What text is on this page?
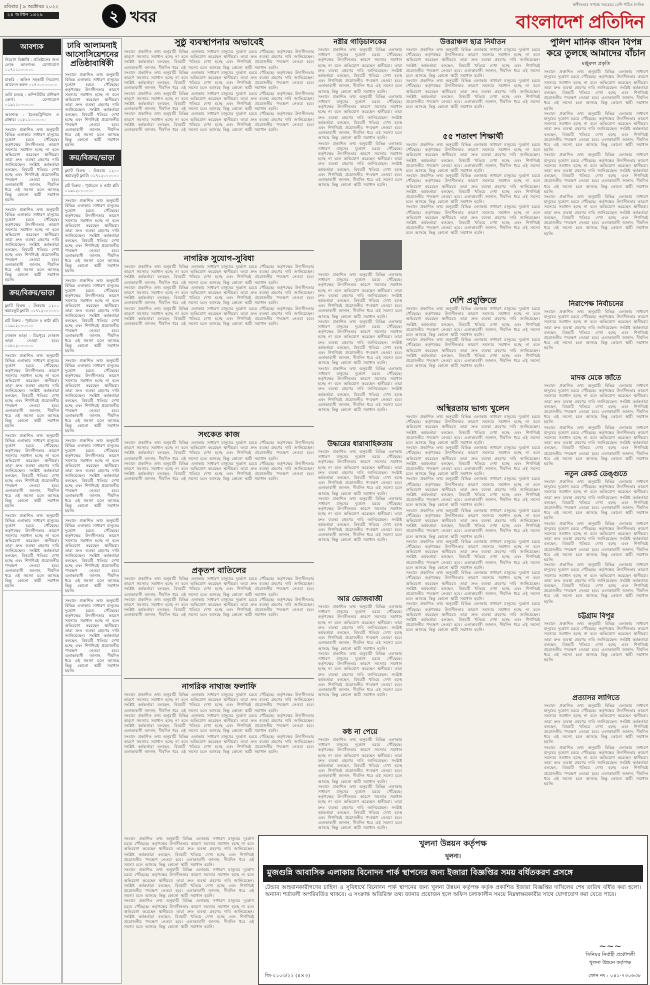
রবিবার | ৯ অক্টোবর ২০২২
২৪ আশ্বিন ১৪২৯	২ খবর
স্বাধীনতার সপক্ষে সবচেয়ে বেশি পঠিত দৈনিক
বাংলাদেশ প্রতিদিন
আবশ্যক
নিয়োগ বিজ্ঞপ্তি : প্রতিষ্ঠানের জন্য লোক আবশ্যক। যোগাযোগ ০১৭১১০০০০০০
চাকরি : অফিস সহকারী নিয়োগ। আবেদন করুন ০১৭০০০০০০০০
ভর্তি চলছে : কম্পিউটার প্রশিক্ষণ কোর্স। যোগাযোগ ০১৯১১০০০০০০
আবশ্যক : ইলেকট্রিশিয়ান ও প্লাম্বার। ০১৮১১০০০০০০
সংবাদে প্রকাশিত তথ্য অনুযায়ী বিভিন্ন এলাকায় সাধারণ মানুষের দুর্ভোগ চরমে পৌঁছেছে। কর্তৃপক্ষের উদাসীনতার কারণে সমস্যার সমাধান হচ্ছে না বলে অভিযোগ করেছেন স্থানীয়রা। তারা দ্রুত ব্যবস্থা গ্রহণের দাবি জানিয়েছেন। সংশ্লিষ্ট কর্মকর্তারা বলছেন, বিষয়টি খতিয়ে দেখা হচ্ছে এবং শিগগিরই প্রয়োজনীয় পদক্ষেপ নেওয়া হবে। এলাকাবাসী জানান, দীর্ঘদিন ধরে এই সমস্যা চলে আসছে কিন্তু কোনো স্থায়ী সমাধান হয়নি।
সংবাদে প্রকাশিত তথ্য অনুযায়ী বিভিন্ন এলাকায় সাধারণ মানুষের দুর্ভোগ চরমে পৌঁছেছে। কর্তৃপক্ষের উদাসীনতার কারণে সমস্যার সমাধান হচ্ছে না বলে অভিযোগ করেছেন স্থানীয়রা। তারা দ্রুত ব্যবস্থা গ্রহণের দাবি জানিয়েছেন। সংশ্লিষ্ট কর্মকর্তারা বলছেন, বিষয়টি খতিয়ে দেখা হচ্ছে এবং শিগগিরই প্রয়োজনীয় পদক্ষেপ নেওয়া হবে। এলাকাবাসী জানান, দীর্ঘদিন ধরে এই সমস্যা চলে আসছে কিন্তু কোনো স্থায়ী সমাধান হয়নি।
ক্রয়/বিক্রয়/ভাড়া
ফ্ল্যাট বিক্রয় : উত্তরায় ১২০০ স্কয়ারফুট ফ্ল্যাট। ০১৭১২০০০০০০
প্লট বিক্রয় : পূর্বাচলে ৫ কাঠা প্লট। ০১৯১২০০০০০০
দোকান ভাড়া : মিরপুরে দোকান ভাড়া দেওয়া হবে। ০১৮১২০০০০০০
সংবাদে প্রকাশিত তথ্য অনুযায়ী বিভিন্ন এলাকায় সাধারণ মানুষের দুর্ভোগ চরমে পৌঁছেছে। কর্তৃপক্ষের উদাসীনতার কারণে সমস্যার সমাধান হচ্ছে না বলে অভিযোগ করেছেন স্থানীয়রা। তারা দ্রুত ব্যবস্থা গ্রহণের দাবি জানিয়েছেন। সংশ্লিষ্ট কর্মকর্তারা বলছেন, বিষয়টি খতিয়ে দেখা হচ্ছে এবং শিগগিরই প্রয়োজনীয় পদক্ষেপ নেওয়া হবে। এলাকাবাসী জানান, দীর্ঘদিন ধরে এই সমস্যা চলে আসছে কিন্তু কোনো স্থায়ী সমাধান হয়নি।
সংবাদে প্রকাশিত তথ্য অনুযায়ী বিভিন্ন এলাকায় সাধারণ মানুষের দুর্ভোগ চরমে পৌঁছেছে। কর্তৃপক্ষের উদাসীনতার কারণে সমস্যার সমাধান হচ্ছে না বলে অভিযোগ করেছেন স্থানীয়রা। তারা দ্রুত ব্যবস্থা গ্রহণের দাবি জানিয়েছেন। সংশ্লিষ্ট কর্মকর্তারা বলছেন, বিষয়টি খতিয়ে দেখা হচ্ছে এবং শিগগিরই প্রয়োজনীয় পদক্ষেপ নেওয়া হবে। এলাকাবাসী জানান, দীর্ঘদিন ধরে এই সমস্যা চলে আসছে কিন্তু কোনো স্থায়ী সমাধান হয়নি।
সংবাদে প্রকাশিত তথ্য অনুযায়ী বিভিন্ন এলাকায় সাধারণ মানুষের দুর্ভোগ চরমে পৌঁছেছে। কর্তৃপক্ষের উদাসীনতার কারণে সমস্যার সমাধান হচ্ছে না বলে অভিযোগ করেছেন স্থানীয়রা। তারা দ্রুত ব্যবস্থা গ্রহণের দাবি জানিয়েছেন। সংশ্লিষ্ট কর্মকর্তারা বলছেন, বিষয়টি খতিয়ে দেখা হচ্ছে এবং শিগগিরই প্রয়োজনীয় পদক্ষেপ নেওয়া হবে। এলাকাবাসী জানান, দীর্ঘদিন ধরে এই সমস্যা চলে আসছে কিন্তু কোনো স্থায়ী সমাধান হয়নি।
ঢাবি আলামনাই আসোসিয়েশনের প্রতিষ্ঠাবার্ষিকী
সংবাদে প্রকাশিত তথ্য অনুযায়ী বিভিন্ন এলাকায় সাধারণ মানুষের দুর্ভোগ চরমে পৌঁছেছে। কর্তৃপক্ষের উদাসীনতার কারণে সমস্যার সমাধান হচ্ছে না বলে অভিযোগ করেছেন স্থানীয়রা। তারা দ্রুত ব্যবস্থা গ্রহণের দাবি জানিয়েছেন। সংশ্লিষ্ট কর্মকর্তারা বলছেন, বিষয়টি খতিয়ে দেখা হচ্ছে এবং শিগগিরই প্রয়োজনীয় পদক্ষেপ নেওয়া হবে। এলাকাবাসী জানান, দীর্ঘদিন ধরে এই সমস্যা চলে আসছে কিন্তু কোনো স্থায়ী সমাধান হয়নি।
ক্রয়/বিক্রয়/ভাড়া
ফ্ল্যাট বিক্রয় : উত্তরায় ১২০০ স্কয়ারফুট ফ্ল্যাট। ০১৭১২০০০০০০
প্লট বিক্রয় : পূর্বাচলে ৫ কাঠা প্লট। ০১৯১২০০০০০০
সংবাদে প্রকাশিত তথ্য অনুযায়ী বিভিন্ন এলাকায় সাধারণ মানুষের দুর্ভোগ চরমে পৌঁছেছে। কর্তৃপক্ষের উদাসীনতার কারণে সমস্যার সমাধান হচ্ছে না বলে অভিযোগ করেছেন স্থানীয়রা। তারা দ্রুত ব্যবস্থা গ্রহণের দাবি জানিয়েছেন। সংশ্লিষ্ট কর্মকর্তারা বলছেন, বিষয়টি খতিয়ে দেখা হচ্ছে এবং শিগগিরই প্রয়োজনীয় পদক্ষেপ নেওয়া হবে। এলাকাবাসী জানান, দীর্ঘদিন ধরে এই সমস্যা চলে আসছে কিন্তু কোনো স্থায়ী সমাধান হয়নি।
সংবাদে প্রকাশিত তথ্য অনুযায়ী বিভিন্ন এলাকায় সাধারণ মানুষের দুর্ভোগ চরমে পৌঁছেছে। কর্তৃপক্ষের উদাসীনতার কারণে সমস্যার সমাধান হচ্ছে না বলে অভিযোগ করেছেন স্থানীয়রা। তারা দ্রুত ব্যবস্থা গ্রহণের দাবি জানিয়েছেন। সংশ্লিষ্ট কর্মকর্তারা বলছেন, বিষয়টি খতিয়ে দেখা হচ্ছে এবং শিগগিরই প্রয়োজনীয় পদক্ষেপ নেওয়া হবে। এলাকাবাসী জানান, দীর্ঘদিন ধরে এই সমস্যা চলে আসছে কিন্তু কোনো স্থায়ী সমাধান হয়নি।
সংবাদে প্রকাশিত তথ্য অনুযায়ী বিভিন্ন এলাকায় সাধারণ মানুষের দুর্ভোগ চরমে পৌঁছেছে। কর্তৃপক্ষের উদাসীনতার কারণে সমস্যার সমাধান হচ্ছে না বলে অভিযোগ করেছেন স্থানীয়রা। তারা দ্রুত ব্যবস্থা গ্রহণের দাবি জানিয়েছেন। সংশ্লিষ্ট কর্মকর্তারা বলছেন, বিষয়টি খতিয়ে দেখা হচ্ছে এবং শিগগিরই প্রয়োজনীয় পদক্ষেপ নেওয়া হবে। এলাকাবাসী জানান, দীর্ঘদিন ধরে এই সমস্যা চলে আসছে কিন্তু কোনো স্থায়ী সমাধান হয়নি।
সংবাদে প্রকাশিত তথ্য অনুযায়ী বিভিন্ন এলাকায় সাধারণ মানুষের দুর্ভোগ চরমে পৌঁছেছে। কর্তৃপক্ষের উদাসীনতার কারণে সমস্যার সমাধান হচ্ছে না বলে অভিযোগ করেছেন স্থানীয়রা। তারা দ্রুত ব্যবস্থা গ্রহণের দাবি জানিয়েছেন। সংশ্লিষ্ট কর্মকর্তারা বলছেন, বিষয়টি খতিয়ে দেখা হচ্ছে এবং শিগগিরই প্রয়োজনীয় পদক্ষেপ নেওয়া হবে। এলাকাবাসী জানান, দীর্ঘদিন ধরে এই সমস্যা চলে আসছে কিন্তু কোনো স্থায়ী সমাধান হয়নি।
সংবাদে প্রকাশিত তথ্য অনুযায়ী বিভিন্ন এলাকায় সাধারণ মানুষের দুর্ভোগ চরমে পৌঁছেছে। কর্তৃপক্ষের উদাসীনতার কারণে সমস্যার সমাধান হচ্ছে না বলে অভিযোগ করেছেন স্থানীয়রা। তারা দ্রুত ব্যবস্থা গ্রহণের দাবি জানিয়েছেন। সংশ্লিষ্ট কর্মকর্তারা বলছেন, বিষয়টি খতিয়ে দেখা হচ্ছে এবং শিগগিরই প্রয়োজনীয় পদক্ষেপ নেওয়া হবে। এলাকাবাসী জানান, দীর্ঘদিন ধরে এই সমস্যা চলে আসছে কিন্তু কোনো স্থায়ী সমাধান হয়নি।
সংবাদে প্রকাশিত তথ্য অনুযায়ী বিভিন্ন এলাকায় সাধারণ মানুষের দুর্ভোগ চরমে পৌঁছেছে। কর্তৃপক্ষের উদাসীনতার কারণে সমস্যার সমাধান হচ্ছে না বলে অভিযোগ করেছেন স্থানীয়রা। তারা দ্রুত ব্যবস্থা গ্রহণের দাবি জানিয়েছেন। সংশ্লিষ্ট কর্মকর্তারা বলছেন, বিষয়টি খতিয়ে দেখা হচ্ছে এবং শিগগিরই প্রয়োজনীয় পদক্ষেপ নেওয়া হবে। এলাকাবাসী জানান, দীর্ঘদিন ধরে এই সমস্যা চলে আসছে কিন্তু কোনো স্থায়ী সমাধান হয়নি।
সুষ্ঠু ব্যবস্থাপনার অভাবেই
সংবাদে প্রকাশিত তথ্য অনুযায়ী বিভিন্ন এলাকায় সাধারণ মানুষের দুর্ভোগ চরমে পৌঁছেছে। কর্তৃপক্ষের উদাসীনতার কারণে সমস্যার সমাধান হচ্ছে না বলে অভিযোগ করেছেন স্থানীয়রা। তারা দ্রুত ব্যবস্থা গ্রহণের দাবি জানিয়েছেন। সংশ্লিষ্ট কর্মকর্তারা বলছেন, বিষয়টি খতিয়ে দেখা হচ্ছে এবং শিগগিরই প্রয়োজনীয় পদক্ষেপ নেওয়া হবে। এলাকাবাসী জানান, দীর্ঘদিন ধরে এই সমস্যা চলে আসছে কিন্তু কোনো স্থায়ী সমাধান হয়নি।
সংবাদে প্রকাশিত তথ্য অনুযায়ী বিভিন্ন এলাকায় সাধারণ মানুষের দুর্ভোগ চরমে পৌঁছেছে। কর্তৃপক্ষের উদাসীনতার কারণে সমস্যার সমাধান হচ্ছে না বলে অভিযোগ করেছেন স্থানীয়রা। তারা দ্রুত ব্যবস্থা গ্রহণের দাবি জানিয়েছেন। সংশ্লিষ্ট কর্মকর্তারা বলছেন, বিষয়টি খতিয়ে দেখা হচ্ছে এবং শিগগিরই প্রয়োজনীয় পদক্ষেপ নেওয়া হবে। এলাকাবাসী জানান, দীর্ঘদিন ধরে এই সমস্যা চলে আসছে কিন্তু কোনো স্থায়ী সমাধান হয়নি।
সংবাদে প্রকাশিত তথ্য অনুযায়ী বিভিন্ন এলাকায় সাধারণ মানুষের দুর্ভোগ চরমে পৌঁছেছে। কর্তৃপক্ষের উদাসীনতার কারণে সমস্যার সমাধান হচ্ছে না বলে অভিযোগ করেছেন স্থানীয়রা। তারা দ্রুত ব্যবস্থা গ্রহণের দাবি জানিয়েছেন। সংশ্লিষ্ট কর্মকর্তারা বলছেন, বিষয়টি খতিয়ে দেখা হচ্ছে এবং শিগগিরই প্রয়োজনীয় পদক্ষেপ নেওয়া হবে। এলাকাবাসী জানান, দীর্ঘদিন ধরে এই সমস্যা চলে আসছে কিন্তু কোনো স্থায়ী সমাধান হয়নি।
সংবাদে প্রকাশিত তথ্য অনুযায়ী বিভিন্ন এলাকায় সাধারণ মানুষের দুর্ভোগ চরমে পৌঁছেছে। কর্তৃপক্ষের উদাসীনতার কারণে সমস্যার সমাধান হচ্ছে না বলে অভিযোগ করেছেন স্থানীয়রা। তারা দ্রুত ব্যবস্থা গ্রহণের দাবি জানিয়েছেন। সংশ্লিষ্ট কর্মকর্তারা বলছেন, বিষয়টি খতিয়ে দেখা হচ্ছে এবং শিগগিরই প্রয়োজনীয় পদক্ষেপ নেওয়া হবে। এলাকাবাসী জানান, দীর্ঘদিন ধরে এই সমস্যা চলে আসছে কিন্তু কোনো স্থায়ী সমাধান হয়নি।
নাগরিক সুযোগ-সুবিধা
সংবাদে প্রকাশিত তথ্য অনুযায়ী বিভিন্ন এলাকায় সাধারণ মানুষের দুর্ভোগ চরমে পৌঁছেছে। কর্তৃপক্ষের উদাসীনতার কারণে সমস্যার সমাধান হচ্ছে না বলে অভিযোগ করেছেন স্থানীয়রা। তারা দ্রুত ব্যবস্থা গ্রহণের দাবি জানিয়েছেন। সংশ্লিষ্ট কর্মকর্তারা বলছেন, বিষয়টি খতিয়ে দেখা হচ্ছে এবং শিগগিরই প্রয়োজনীয় পদক্ষেপ নেওয়া হবে। এলাকাবাসী জানান, দীর্ঘদিন ধরে এই সমস্যা চলে আসছে কিন্তু কোনো স্থায়ী সমাধান হয়নি।
সংবাদে প্রকাশিত তথ্য অনুযায়ী বিভিন্ন এলাকায় সাধারণ মানুষের দুর্ভোগ চরমে পৌঁছেছে। কর্তৃপক্ষের উদাসীনতার কারণে সমস্যার সমাধান হচ্ছে না বলে অভিযোগ করেছেন স্থানীয়রা। তারা দ্রুত ব্যবস্থা গ্রহণের দাবি জানিয়েছেন। সংশ্লিষ্ট কর্মকর্তারা বলছেন, বিষয়টি খতিয়ে দেখা হচ্ছে এবং শিগগিরই প্রয়োজনীয় পদক্ষেপ নেওয়া হবে। এলাকাবাসী জানান, দীর্ঘদিন ধরে এই সমস্যা চলে আসছে কিন্তু কোনো স্থায়ী সমাধান হয়নি।
সংবাদে প্রকাশিত তথ্য অনুযায়ী বিভিন্ন এলাকায় সাধারণ মানুষের দুর্ভোগ চরমে পৌঁছেছে। কর্তৃপক্ষের উদাসীনতার কারণে সমস্যার সমাধান হচ্ছে না বলে অভিযোগ করেছেন স্থানীয়রা। তারা দ্রুত ব্যবস্থা গ্রহণের দাবি জানিয়েছেন। সংশ্লিষ্ট কর্মকর্তারা বলছেন, বিষয়টি খতিয়ে দেখা হচ্ছে এবং শিগগিরই প্রয়োজনীয় পদক্ষেপ নেওয়া হবে। এলাকাবাসী জানান, দীর্ঘদিন ধরে এই সমস্যা চলে আসছে কিন্তু কোনো স্থায়ী সমাধান হয়নি।
সংকেত কাজ
সংবাদে প্রকাশিত তথ্য অনুযায়ী বিভিন্ন এলাকায় সাধারণ মানুষের দুর্ভোগ চরমে পৌঁছেছে। কর্তৃপক্ষের উদাসীনতার কারণে সমস্যার সমাধান হচ্ছে না বলে অভিযোগ করেছেন স্থানীয়রা। তারা দ্রুত ব্যবস্থা গ্রহণের দাবি জানিয়েছেন। সংশ্লিষ্ট কর্মকর্তারা বলছেন, বিষয়টি খতিয়ে দেখা হচ্ছে এবং শিগগিরই প্রয়োজনীয় পদক্ষেপ নেওয়া হবে। এলাকাবাসী জানান, দীর্ঘদিন ধরে এই সমস্যা চলে আসছে কিন্তু কোনো স্থায়ী সমাধান হয়নি।
সংবাদে প্রকাশিত তথ্য অনুযায়ী বিভিন্ন এলাকায় সাধারণ মানুষের দুর্ভোগ চরমে পৌঁছেছে। কর্তৃপক্ষের উদাসীনতার কারণে সমস্যার সমাধান হচ্ছে না বলে অভিযোগ করেছেন স্থানীয়রা। তারা দ্রুত ব্যবস্থা গ্রহণের দাবি জানিয়েছেন। সংশ্লিষ্ট কর্মকর্তারা বলছেন, বিষয়টি খতিয়ে দেখা হচ্ছে এবং শিগগিরই প্রয়োজনীয় পদক্ষেপ নেওয়া হবে। এলাকাবাসী জানান, দীর্ঘদিন ধরে এই সমস্যা চলে আসছে কিন্তু কোনো স্থায়ী সমাধান হয়নি।
প্রকৃতপ বাতিলের
সংবাদে প্রকাশিত তথ্য অনুযায়ী বিভিন্ন এলাকায় সাধারণ মানুষের দুর্ভোগ চরমে পৌঁছেছে। কর্তৃপক্ষের উদাসীনতার কারণে সমস্যার সমাধান হচ্ছে না বলে অভিযোগ করেছেন স্থানীয়রা। তারা দ্রুত ব্যবস্থা গ্রহণের দাবি জানিয়েছেন। সংশ্লিষ্ট কর্মকর্তারা বলছেন, বিষয়টি খতিয়ে দেখা হচ্ছে এবং শিগগিরই প্রয়োজনীয় পদক্ষেপ নেওয়া হবে। এলাকাবাসী জানান, দীর্ঘদিন ধরে এই সমস্যা চলে আসছে কিন্তু কোনো স্থায়ী সমাধান হয়নি।
সংবাদে প্রকাশিত তথ্য অনুযায়ী বিভিন্ন এলাকায় সাধারণ মানুষের দুর্ভোগ চরমে পৌঁছেছে। কর্তৃপক্ষের উদাসীনতার কারণে সমস্যার সমাধান হচ্ছে না বলে অভিযোগ করেছেন স্থানীয়রা। তারা দ্রুত ব্যবস্থা গ্রহণের দাবি জানিয়েছেন। সংশ্লিষ্ট কর্মকর্তারা বলছেন, বিষয়টি খতিয়ে দেখা হচ্ছে এবং শিগগিরই প্রয়োজনীয় পদক্ষেপ নেওয়া হবে। এলাকাবাসী জানান, দীর্ঘদিন ধরে এই সমস্যা চলে আসছে কিন্তু কোনো স্থায়ী সমাধান হয়নি।
নাগরিক নাথাজ ফলাফি
সংবাদে প্রকাশিত তথ্য অনুযায়ী বিভিন্ন এলাকায় সাধারণ মানুষের দুর্ভোগ চরমে পৌঁছেছে। কর্তৃপক্ষের উদাসীনতার কারণে সমস্যার সমাধান হচ্ছে না বলে অভিযোগ করেছেন স্থানীয়রা। তারা দ্রুত ব্যবস্থা গ্রহণের দাবি জানিয়েছেন। সংশ্লিষ্ট কর্মকর্তারা বলছেন, বিষয়টি খতিয়ে দেখা হচ্ছে এবং শিগগিরই প্রয়োজনীয় পদক্ষেপ নেওয়া হবে। এলাকাবাসী জানান, দীর্ঘদিন ধরে এই সমস্যা চলে আসছে কিন্তু কোনো স্থায়ী সমাধান হয়নি।
সংবাদে প্রকাশিত তথ্য অনুযায়ী বিভিন্ন এলাকায় সাধারণ মানুষের দুর্ভোগ চরমে পৌঁছেছে। কর্তৃপক্ষের উদাসীনতার কারণে সমস্যার সমাধান হচ্ছে না বলে অভিযোগ করেছেন স্থানীয়রা। তারা দ্রুত ব্যবস্থা গ্রহণের দাবি জানিয়েছেন। সংশ্লিষ্ট কর্মকর্তারা বলছেন, বিষয়টি খতিয়ে দেখা হচ্ছে এবং শিগগিরই প্রয়োজনীয় পদক্ষেপ নেওয়া হবে। এলাকাবাসী জানান, দীর্ঘদিন ধরে এই সমস্যা চলে আসছে কিন্তু কোনো স্থায়ী সমাধান হয়নি।
সংবাদে প্রকাশিত তথ্য অনুযায়ী বিভিন্ন এলাকায় সাধারণ মানুষের দুর্ভোগ চরমে পৌঁছেছে। কর্তৃপক্ষের উদাসীনতার কারণে সমস্যার সমাধান হচ্ছে না বলে অভিযোগ করেছেন স্থানীয়রা। তারা দ্রুত ব্যবস্থা গ্রহণের দাবি জানিয়েছেন। সংশ্লিষ্ট কর্মকর্তারা বলছেন, বিষয়টি খতিয়ে দেখা হচ্ছে এবং শিগগিরই প্রয়োজনীয় পদক্ষেপ নেওয়া হবে। এলাকাবাসী জানান, দীর্ঘদিন ধরে এই সমস্যা চলে আসছে কিন্তু কোনো স্থায়ী সমাধান হয়নি।
সংবাদে প্রকাশিত তথ্য অনুযায়ী বিভিন্ন এলাকায় সাধারণ মানুষের দুর্ভোগ চরমে পৌঁছেছে। কর্তৃপক্ষের উদাসীনতার কারণে সমস্যার সমাধান হচ্ছে না বলে অভিযোগ করেছেন স্থানীয়রা। তারা দ্রুত ব্যবস্থা গ্রহণের দাবি জানিয়েছেন। সংশ্লিষ্ট কর্মকর্তারা বলছেন, বিষয়টি খতিয়ে দেখা হচ্ছে এবং শিগগিরই প্রয়োজনীয় পদক্ষেপ নেওয়া হবে। এলাকাবাসী জানান, দীর্ঘদিন ধরে এই সমস্যা চলে আসছে কিন্তু কোনো স্থায়ী সমাধান হয়নি।
সংবাদে প্রকাশিত তথ্য অনুযায়ী বিভিন্ন এলাকায় সাধারণ মানুষের দুর্ভোগ চরমে পৌঁছেছে। কর্তৃপক্ষের উদাসীনতার কারণে সমস্যার সমাধান হচ্ছে না বলে অভিযোগ করেছেন স্থানীয়রা। তারা দ্রুত ব্যবস্থা গ্রহণের দাবি জানিয়েছেন। সংশ্লিষ্ট কর্মকর্তারা বলছেন, বিষয়টি খতিয়ে দেখা হচ্ছে এবং শিগগিরই প্রয়োজনীয় পদক্ষেপ নেওয়া হবে। এলাকাবাসী জানান, দীর্ঘদিন ধরে এই সমস্যা চলে আসছে কিন্তু কোনো স্থায়ী সমাধান হয়নি।
সংবাদে প্রকাশিত তথ্য অনুযায়ী বিভিন্ন এলাকায় সাধারণ মানুষের দুর্ভোগ চরমে পৌঁছেছে। কর্তৃপক্ষের উদাসীনতার কারণে সমস্যার সমাধান হচ্ছে না বলে অভিযোগ করেছেন স্থানীয়রা। তারা দ্রুত ব্যবস্থা গ্রহণের দাবি জানিয়েছেন। সংশ্লিষ্ট কর্মকর্তারা বলছেন, বিষয়টি খতিয়ে দেখা হচ্ছে এবং শিগগিরই প্রয়োজনীয় পদক্ষেপ নেওয়া হবে। এলাকাবাসী জানান, দীর্ঘদিন ধরে এই সমস্যা চলে আসছে কিন্তু কোনো স্থায়ী সমাধান হয়নি।
নগ্নীর গাড়িচালকের
সংবাদে প্রকাশিত তথ্য অনুযায়ী বিভিন্ন এলাকায় সাধারণ মানুষের দুর্ভোগ চরমে পৌঁছেছে। কর্তৃপক্ষের উদাসীনতার কারণে সমস্যার সমাধান হচ্ছে না বলে অভিযোগ করেছেন স্থানীয়রা। তারা দ্রুত ব্যবস্থা গ্রহণের দাবি জানিয়েছেন। সংশ্লিষ্ট কর্মকর্তারা বলছেন, বিষয়টি খতিয়ে দেখা হচ্ছে এবং শিগগিরই প্রয়োজনীয় পদক্ষেপ নেওয়া হবে। এলাকাবাসী জানান, দীর্ঘদিন ধরে এই সমস্যা চলে আসছে কিন্তু কোনো স্থায়ী সমাধান হয়নি।
সংবাদে প্রকাশিত তথ্য অনুযায়ী বিভিন্ন এলাকায় সাধারণ মানুষের দুর্ভোগ চরমে পৌঁছেছে। কর্তৃপক্ষের উদাসীনতার কারণে সমস্যার সমাধান হচ্ছে না বলে অভিযোগ করেছেন স্থানীয়রা। তারা দ্রুত ব্যবস্থা গ্রহণের দাবি জানিয়েছেন। সংশ্লিষ্ট কর্মকর্তারা বলছেন, বিষয়টি খতিয়ে দেখা হচ্ছে এবং শিগগিরই প্রয়োজনীয় পদক্ষেপ নেওয়া হবে। এলাকাবাসী জানান, দীর্ঘদিন ধরে এই সমস্যা চলে আসছে কিন্তু কোনো স্থায়ী সমাধান হয়নি।
সংবাদে প্রকাশিত তথ্য অনুযায়ী বিভিন্ন এলাকায় সাধারণ মানুষের দুর্ভোগ চরমে পৌঁছেছে। কর্তৃপক্ষের উদাসীনতার কারণে সমস্যার সমাধান হচ্ছে না বলে অভিযোগ করেছেন স্থানীয়রা। তারা দ্রুত ব্যবস্থা গ্রহণের দাবি জানিয়েছেন। সংশ্লিষ্ট কর্মকর্তারা বলছেন, বিষয়টি খতিয়ে দেখা হচ্ছে এবং শিগগিরই প্রয়োজনীয় পদক্ষেপ নেওয়া হবে। এলাকাবাসী জানান, দীর্ঘদিন ধরে এই সমস্যা চলে আসছে কিন্তু কোনো স্থায়ী সমাধান হয়নি।
সংবাদে প্রকাশিত তথ্য অনুযায়ী বিভিন্ন এলাকায় সাধারণ মানুষের দুর্ভোগ চরমে পৌঁছেছে। কর্তৃপক্ষের উদাসীনতার কারণে সমস্যার সমাধান হচ্ছে না বলে অভিযোগ করেছেন স্থানীয়রা। তারা দ্রুত ব্যবস্থা গ্রহণের দাবি জানিয়েছেন। সংশ্লিষ্ট কর্মকর্তারা বলছেন, বিষয়টি খতিয়ে দেখা হচ্ছে এবং শিগগিরই প্রয়োজনীয় পদক্ষেপ নেওয়া হবে। এলাকাবাসী জানান, দীর্ঘদিন ধরে এই সমস্যা চলে আসছে কিন্তু কোনো স্থায়ী সমাধান হয়নি।
সংবাদে প্রকাশিত তথ্য অনুযায়ী বিভিন্ন এলাকায় সাধারণ মানুষের দুর্ভোগ চরমে পৌঁছেছে। কর্তৃপক্ষের উদাসীনতার কারণে সমস্যার সমাধান হচ্ছে না বলে অভিযোগ করেছেন স্থানীয়রা। তারা দ্রুত ব্যবস্থা গ্রহণের দাবি জানিয়েছেন। সংশ্লিষ্ট কর্মকর্তারা বলছেন, বিষয়টি খতিয়ে দেখা হচ্ছে এবং শিগগিরই প্রয়োজনীয় পদক্ষেপ নেওয়া হবে। এলাকাবাসী জানান, দীর্ঘদিন ধরে এই সমস্যা চলে আসছে কিন্তু কোনো স্থায়ী সমাধান হয়নি।
সংবাদে প্রকাশিত তথ্য অনুযায়ী বিভিন্ন এলাকায় সাধারণ মানুষের দুর্ভোগ চরমে পৌঁছেছে। কর্তৃপক্ষের উদাসীনতার কারণে সমস্যার সমাধান হচ্ছে না বলে অভিযোগ করেছেন স্থানীয়রা। তারা দ্রুত ব্যবস্থা গ্রহণের দাবি জানিয়েছেন। সংশ্লিষ্ট কর্মকর্তারা বলছেন, বিষয়টি খতিয়ে দেখা হচ্ছে এবং শিগগিরই প্রয়োজনীয় পদক্ষেপ নেওয়া হবে। এলাকাবাসী জানান, দীর্ঘদিন ধরে এই সমস্যা চলে আসছে কিন্তু কোনো স্থায়ী সমাধান হয়নি।
উদ্ধারের ধারাবাহিকতায়
সংবাদে প্রকাশিত তথ্য অনুযায়ী বিভিন্ন এলাকায় সাধারণ মানুষের দুর্ভোগ চরমে পৌঁছেছে। কর্তৃপক্ষের উদাসীনতার কারণে সমস্যার সমাধান হচ্ছে না বলে অভিযোগ করেছেন স্থানীয়রা। তারা দ্রুত ব্যবস্থা গ্রহণের দাবি জানিয়েছেন। সংশ্লিষ্ট কর্মকর্তারা বলছেন, বিষয়টি খতিয়ে দেখা হচ্ছে এবং শিগগিরই প্রয়োজনীয় পদক্ষেপ নেওয়া হবে। এলাকাবাসী জানান, দীর্ঘদিন ধরে এই সমস্যা চলে আসছে কিন্তু কোনো স্থায়ী সমাধান হয়নি।
সংবাদে প্রকাশিত তথ্য অনুযায়ী বিভিন্ন এলাকায় সাধারণ মানুষের দুর্ভোগ চরমে পৌঁছেছে। কর্তৃপক্ষের উদাসীনতার কারণে সমস্যার সমাধান হচ্ছে না বলে অভিযোগ করেছেন স্থানীয়রা। তারা দ্রুত ব্যবস্থা গ্রহণের দাবি জানিয়েছেন। সংশ্লিষ্ট কর্মকর্তারা বলছেন, বিষয়টি খতিয়ে দেখা হচ্ছে এবং শিগগিরই প্রয়োজনীয় পদক্ষেপ নেওয়া হবে। এলাকাবাসী জানান, দীর্ঘদিন ধরে এই সমস্যা চলে আসছে কিন্তু কোনো স্থায়ী সমাধান হয়নি।
আর ভোজবাজী
সংবাদে প্রকাশিত তথ্য অনুযায়ী বিভিন্ন এলাকায় সাধারণ মানুষের দুর্ভোগ চরমে পৌঁছেছে। কর্তৃপক্ষের উদাসীনতার কারণে সমস্যার সমাধান হচ্ছে না বলে অভিযোগ করেছেন স্থানীয়রা। তারা দ্রুত ব্যবস্থা গ্রহণের দাবি জানিয়েছেন। সংশ্লিষ্ট কর্মকর্তারা বলছেন, বিষয়টি খতিয়ে দেখা হচ্ছে এবং শিগগিরই প্রয়োজনীয় পদক্ষেপ নেওয়া হবে। এলাকাবাসী জানান, দীর্ঘদিন ধরে এই সমস্যা চলে আসছে কিন্তু কোনো স্থায়ী সমাধান হয়নি।
সংবাদে প্রকাশিত তথ্য অনুযায়ী বিভিন্ন এলাকায় সাধারণ মানুষের দুর্ভোগ চরমে পৌঁছেছে। কর্তৃপক্ষের উদাসীনতার কারণে সমস্যার সমাধান হচ্ছে না বলে অভিযোগ করেছেন স্থানীয়রা। তারা দ্রুত ব্যবস্থা গ্রহণের দাবি জানিয়েছেন। সংশ্লিষ্ট কর্মকর্তারা বলছেন, বিষয়টি খতিয়ে দেখা হচ্ছে এবং শিগগিরই প্রয়োজনীয় পদক্ষেপ নেওয়া হবে। এলাকাবাসী জানান, দীর্ঘদিন ধরে এই সমস্যা চলে আসছে কিন্তু কোনো স্থায়ী সমাধান হয়নি।
কন্ঠ না পেয়ে
সংবাদে প্রকাশিত তথ্য অনুযায়ী বিভিন্ন এলাকায় সাধারণ মানুষের দুর্ভোগ চরমে পৌঁছেছে। কর্তৃপক্ষের উদাসীনতার কারণে সমস্যার সমাধান হচ্ছে না বলে অভিযোগ করেছেন স্থানীয়রা। তারা দ্রুত ব্যবস্থা গ্রহণের দাবি জানিয়েছেন। সংশ্লিষ্ট কর্মকর্তারা বলছেন, বিষয়টি খতিয়ে দেখা হচ্ছে এবং শিগগিরই প্রয়োজনীয় পদক্ষেপ নেওয়া হবে। এলাকাবাসী জানান, দীর্ঘদিন ধরে এই সমস্যা চলে আসছে কিন্তু কোনো স্থায়ী সমাধান হয়নি।
সংবাদে প্রকাশিত তথ্য অনুযায়ী বিভিন্ন এলাকায় সাধারণ মানুষের দুর্ভোগ চরমে পৌঁছেছে। কর্তৃপক্ষের উদাসীনতার কারণে সমস্যার সমাধান হচ্ছে না বলে অভিযোগ করেছেন স্থানীয়রা। তারা দ্রুত ব্যবস্থা গ্রহণের দাবি জানিয়েছেন। সংশ্লিষ্ট কর্মকর্তারা বলছেন, বিষয়টি খতিয়ে দেখা হচ্ছে এবং শিগগিরই প্রয়োজনীয় পদক্ষেপ নেওয়া হবে। এলাকাবাসী জানান, দীর্ঘদিন ধরে এই সমস্যা চলে আসছে কিন্তু কোনো স্থায়ী সমাধান হয়নি।
উত্তরাঞ্চল ছাত্র নির্যাতন
সংবাদে প্রকাশিত তথ্য অনুযায়ী বিভিন্ন এলাকায় সাধারণ মানুষের দুর্ভোগ চরমে পৌঁছেছে। কর্তৃপক্ষের উদাসীনতার কারণে সমস্যার সমাধান হচ্ছে না বলে অভিযোগ করেছেন স্থানীয়রা। তারা দ্রুত ব্যবস্থা গ্রহণের দাবি জানিয়েছেন। সংশ্লিষ্ট কর্মকর্তারা বলছেন, বিষয়টি খতিয়ে দেখা হচ্ছে এবং শিগগিরই প্রয়োজনীয় পদক্ষেপ নেওয়া হবে। এলাকাবাসী জানান, দীর্ঘদিন ধরে এই সমস্যা চলে আসছে কিন্তু কোনো স্থায়ী সমাধান হয়নি।
সংবাদে প্রকাশিত তথ্য অনুযায়ী বিভিন্ন এলাকায় সাধারণ মানুষের দুর্ভোগ চরমে পৌঁছেছে। কর্তৃপক্ষের উদাসীনতার কারণে সমস্যার সমাধান হচ্ছে না বলে অভিযোগ করেছেন স্থানীয়রা। তারা দ্রুত ব্যবস্থা গ্রহণের দাবি জানিয়েছেন। সংশ্লিষ্ট কর্মকর্তারা বলছেন, বিষয়টি খতিয়ে দেখা হচ্ছে এবং শিগগিরই প্রয়োজনীয় পদক্ষেপ নেওয়া হবে। এলাকাবাসী জানান, দীর্ঘদিন ধরে এই সমস্যা চলে আসছে কিন্তু কোনো স্থায়ী সমাধান হয়নি।
৫৫ শতাংশ শিক্ষার্থী
সংবাদে প্রকাশিত তথ্য অনুযায়ী বিভিন্ন এলাকায় সাধারণ মানুষের দুর্ভোগ চরমে পৌঁছেছে। কর্তৃপক্ষের উদাসীনতার কারণে সমস্যার সমাধান হচ্ছে না বলে অভিযোগ করেছেন স্থানীয়রা। তারা দ্রুত ব্যবস্থা গ্রহণের দাবি জানিয়েছেন। সংশ্লিষ্ট কর্মকর্তারা বলছেন, বিষয়টি খতিয়ে দেখা হচ্ছে এবং শিগগিরই প্রয়োজনীয় পদক্ষেপ নেওয়া হবে। এলাকাবাসী জানান, দীর্ঘদিন ধরে এই সমস্যা চলে আসছে কিন্তু কোনো স্থায়ী সমাধান হয়নি।
সংবাদে প্রকাশিত তথ্য অনুযায়ী বিভিন্ন এলাকায় সাধারণ মানুষের দুর্ভোগ চরমে পৌঁছেছে। কর্তৃপক্ষের উদাসীনতার কারণে সমস্যার সমাধান হচ্ছে না বলে অভিযোগ করেছেন স্থানীয়রা। তারা দ্রুত ব্যবস্থা গ্রহণের দাবি জানিয়েছেন। সংশ্লিষ্ট কর্মকর্তারা বলছেন, বিষয়টি খতিয়ে দেখা হচ্ছে এবং শিগগিরই প্রয়োজনীয় পদক্ষেপ নেওয়া হবে। এলাকাবাসী জানান, দীর্ঘদিন ধরে এই সমস্যা চলে আসছে কিন্তু কোনো স্থায়ী সমাধান হয়নি।
সংবাদে প্রকাশিত তথ্য অনুযায়ী বিভিন্ন এলাকায় সাধারণ মানুষের দুর্ভোগ চরমে পৌঁছেছে। কর্তৃপক্ষের উদাসীনতার কারণে সমস্যার সমাধান হচ্ছে না বলে অভিযোগ করেছেন স্থানীয়রা। তারা দ্রুত ব্যবস্থা গ্রহণের দাবি জানিয়েছেন। সংশ্লিষ্ট কর্মকর্তারা বলছেন, বিষয়টি খতিয়ে দেখা হচ্ছে এবং শিগগিরই প্রয়োজনীয় পদক্ষেপ নেওয়া হবে। এলাকাবাসী জানান, দীর্ঘদিন ধরে এই সমস্যা চলে আসছে কিন্তু কোনো স্থায়ী সমাধান হয়নি।
দেশি প্রযুক্তিতে
সংবাদে প্রকাশিত তথ্য অনুযায়ী বিভিন্ন এলাকায় সাধারণ মানুষের দুর্ভোগ চরমে পৌঁছেছে। কর্তৃপক্ষের উদাসীনতার কারণে সমস্যার সমাধান হচ্ছে না বলে অভিযোগ করেছেন স্থানীয়রা। তারা দ্রুত ব্যবস্থা গ্রহণের দাবি জানিয়েছেন। সংশ্লিষ্ট কর্মকর্তারা বলছেন, বিষয়টি খতিয়ে দেখা হচ্ছে এবং শিগগিরই প্রয়োজনীয় পদক্ষেপ নেওয়া হবে। এলাকাবাসী জানান, দীর্ঘদিন ধরে এই সমস্যা চলে আসছে কিন্তু কোনো স্থায়ী সমাধান হয়নি।
সংবাদে প্রকাশিত তথ্য অনুযায়ী বিভিন্ন এলাকায় সাধারণ মানুষের দুর্ভোগ চরমে পৌঁছেছে। কর্তৃপক্ষের উদাসীনতার কারণে সমস্যার সমাধান হচ্ছে না বলে অভিযোগ করেছেন স্থানীয়রা। তারা দ্রুত ব্যবস্থা গ্রহণের দাবি জানিয়েছেন। সংশ্লিষ্ট কর্মকর্তারা বলছেন, বিষয়টি খতিয়ে দেখা হচ্ছে এবং শিগগিরই প্রয়োজনীয় পদক্ষেপ নেওয়া হবে। এলাকাবাসী জানান, দীর্ঘদিন ধরে এই সমস্যা চলে আসছে কিন্তু কোনো স্থায়ী সমাধান হয়নি।
অস্থিরতায় ভাগ্য খুলেন
সংবাদে প্রকাশিত তথ্য অনুযায়ী বিভিন্ন এলাকায় সাধারণ মানুষের দুর্ভোগ চরমে পৌঁছেছে। কর্তৃপক্ষের উদাসীনতার কারণে সমস্যার সমাধান হচ্ছে না বলে অভিযোগ করেছেন স্থানীয়রা। তারা দ্রুত ব্যবস্থা গ্রহণের দাবি জানিয়েছেন। সংশ্লিষ্ট কর্মকর্তারা বলছেন, বিষয়টি খতিয়ে দেখা হচ্ছে এবং শিগগিরই প্রয়োজনীয় পদক্ষেপ নেওয়া হবে। এলাকাবাসী জানান, দীর্ঘদিন ধরে এই সমস্যা চলে আসছে কিন্তু কোনো স্থায়ী সমাধান হয়নি।
সংবাদে প্রকাশিত তথ্য অনুযায়ী বিভিন্ন এলাকায় সাধারণ মানুষের দুর্ভোগ চরমে পৌঁছেছে। কর্তৃপক্ষের উদাসীনতার কারণে সমস্যার সমাধান হচ্ছে না বলে অভিযোগ করেছেন স্থানীয়রা। তারা দ্রুত ব্যবস্থা গ্রহণের দাবি জানিয়েছেন। সংশ্লিষ্ট কর্মকর্তারা বলছেন, বিষয়টি খতিয়ে দেখা হচ্ছে এবং শিগগিরই প্রয়োজনীয় পদক্ষেপ নেওয়া হবে। এলাকাবাসী জানান, দীর্ঘদিন ধরে এই সমস্যা চলে আসছে কিন্তু কোনো স্থায়ী সমাধান হয়নি।
সংবাদে প্রকাশিত তথ্য অনুযায়ী বিভিন্ন এলাকায় সাধারণ মানুষের দুর্ভোগ চরমে পৌঁছেছে। কর্তৃপক্ষের উদাসীনতার কারণে সমস্যার সমাধান হচ্ছে না বলে অভিযোগ করেছেন স্থানীয়রা। তারা দ্রুত ব্যবস্থা গ্রহণের দাবি জানিয়েছেন। সংশ্লিষ্ট কর্মকর্তারা বলছেন, বিষয়টি খতিয়ে দেখা হচ্ছে এবং শিগগিরই প্রয়োজনীয় পদক্ষেপ নেওয়া হবে। এলাকাবাসী জানান, দীর্ঘদিন ধরে এই সমস্যা চলে আসছে কিন্তু কোনো স্থায়ী সমাধান হয়নি।
সংবাদে প্রকাশিত তথ্য অনুযায়ী বিভিন্ন এলাকায় সাধারণ মানুষের দুর্ভোগ চরমে পৌঁছেছে। কর্তৃপক্ষের উদাসীনতার কারণে সমস্যার সমাধান হচ্ছে না বলে অভিযোগ করেছেন স্থানীয়রা। তারা দ্রুত ব্যবস্থা গ্রহণের দাবি জানিয়েছেন। সংশ্লিষ্ট কর্মকর্তারা বলছেন, বিষয়টি খতিয়ে দেখা হচ্ছে এবং শিগগিরই প্রয়োজনীয় পদক্ষেপ নেওয়া হবে। এলাকাবাসী জানান, দীর্ঘদিন ধরে এই সমস্যা চলে আসছে কিন্তু কোনো স্থায়ী সমাধান হয়নি।
সংবাদে প্রকাশিত তথ্য অনুযায়ী বিভিন্ন এলাকায় সাধারণ মানুষের দুর্ভোগ চরমে পৌঁছেছে। কর্তৃপক্ষের উদাসীনতার কারণে সমস্যার সমাধান হচ্ছে না বলে অভিযোগ করেছেন স্থানীয়রা। তারা দ্রুত ব্যবস্থা গ্রহণের দাবি জানিয়েছেন। সংশ্লিষ্ট কর্মকর্তারা বলছেন, বিষয়টি খতিয়ে দেখা হচ্ছে এবং শিগগিরই প্রয়োজনীয় পদক্ষেপ নেওয়া হবে। এলাকাবাসী জানান, দীর্ঘদিন ধরে এই সমস্যা চলে আসছে কিন্তু কোনো স্থায়ী সমাধান হয়নি।
সংবাদে প্রকাশিত তথ্য অনুযায়ী বিভিন্ন এলাকায় সাধারণ মানুষের দুর্ভোগ চরমে পৌঁছেছে। কর্তৃপক্ষের উদাসীনতার কারণে সমস্যার সমাধান হচ্ছে না বলে অভিযোগ করেছেন স্থানীয়রা। তারা দ্রুত ব্যবস্থা গ্রহণের দাবি জানিয়েছেন। সংশ্লিষ্ট কর্মকর্তারা বলছেন, বিষয়টি খতিয়ে দেখা হচ্ছে এবং শিগগিরই প্রয়োজনীয় পদক্ষেপ নেওয়া হবে। এলাকাবাসী জানান, দীর্ঘদিন ধরে এই সমস্যা চলে আসছে কিন্তু কোনো স্থায়ী সমাধান হয়নি।
সংবাদে প্রকাশিত তথ্য অনুযায়ী বিভিন্ন এলাকায় সাধারণ মানুষের দুর্ভোগ চরমে পৌঁছেছে। কর্তৃপক্ষের উদাসীনতার কারণে সমস্যার সমাধান হচ্ছে না বলে অভিযোগ করেছেন স্থানীয়রা। তারা দ্রুত ব্যবস্থা গ্রহণের দাবি জানিয়েছেন। সংশ্লিষ্ট কর্মকর্তারা বলছেন, বিষয়টি খতিয়ে দেখা হচ্ছে এবং শিগগিরই প্রয়োজনীয় পদক্ষেপ নেওয়া হবে। এলাকাবাসী জানান, দীর্ঘদিন ধরে এই সমস্যা চলে আসছে কিন্তু কোনো স্থায়ী সমাধান হয়নি।
পুলিশ মানিক জীবন বিপন্ন করে তুলছে আমাদের বাঁচান
মঞ্জুরুল প্রকৃতি
সংবাদে প্রকাশিত তথ্য অনুযায়ী বিভিন্ন এলাকায় সাধারণ মানুষের দুর্ভোগ চরমে পৌঁছেছে। কর্তৃপক্ষের উদাসীনতার কারণে সমস্যার সমাধান হচ্ছে না বলে অভিযোগ করেছেন স্থানীয়রা। তারা দ্রুত ব্যবস্থা গ্রহণের দাবি জানিয়েছেন। সংশ্লিষ্ট কর্মকর্তারা বলছেন, বিষয়টি খতিয়ে দেখা হচ্ছে এবং শিগগিরই প্রয়োজনীয় পদক্ষেপ নেওয়া হবে। এলাকাবাসী জানান, দীর্ঘদিন ধরে এই সমস্যা চলে আসছে কিন্তু কোনো স্থায়ী সমাধান হয়নি।
সংবাদে প্রকাশিত তথ্য অনুযায়ী বিভিন্ন এলাকায় সাধারণ মানুষের দুর্ভোগ চরমে পৌঁছেছে। কর্তৃপক্ষের উদাসীনতার কারণে সমস্যার সমাধান হচ্ছে না বলে অভিযোগ করেছেন স্থানীয়রা। তারা দ্রুত ব্যবস্থা গ্রহণের দাবি জানিয়েছেন। সংশ্লিষ্ট কর্মকর্তারা বলছেন, বিষয়টি খতিয়ে দেখা হচ্ছে এবং শিগগিরই প্রয়োজনীয় পদক্ষেপ নেওয়া হবে। এলাকাবাসী জানান, দীর্ঘদিন ধরে এই সমস্যা চলে আসছে কিন্তু কোনো স্থায়ী সমাধান হয়নি।
সংবাদে প্রকাশিত তথ্য অনুযায়ী বিভিন্ন এলাকায় সাধারণ মানুষের দুর্ভোগ চরমে পৌঁছেছে। কর্তৃপক্ষের উদাসীনতার কারণে সমস্যার সমাধান হচ্ছে না বলে অভিযোগ করেছেন স্থানীয়রা। তারা দ্রুত ব্যবস্থা গ্রহণের দাবি জানিয়েছেন। সংশ্লিষ্ট কর্মকর্তারা বলছেন, বিষয়টি খতিয়ে দেখা হচ্ছে এবং শিগগিরই প্রয়োজনীয় পদক্ষেপ নেওয়া হবে। এলাকাবাসী জানান, দীর্ঘদিন ধরে এই সমস্যা চলে আসছে কিন্তু কোনো স্থায়ী সমাধান হয়নি।
সংবাদে প্রকাশিত তথ্য অনুযায়ী বিভিন্ন এলাকায় সাধারণ মানুষের দুর্ভোগ চরমে পৌঁছেছে। কর্তৃপক্ষের উদাসীনতার কারণে সমস্যার সমাধান হচ্ছে না বলে অভিযোগ করেছেন স্থানীয়রা। তারা দ্রুত ব্যবস্থা গ্রহণের দাবি জানিয়েছেন। সংশ্লিষ্ট কর্মকর্তারা বলছেন, বিষয়টি খতিয়ে দেখা হচ্ছে এবং শিগগিরই প্রয়োজনীয় পদক্ষেপ নেওয়া হবে। এলাকাবাসী জানান, দীর্ঘদিন ধরে এই সমস্যা চলে আসছে কিন্তু কোনো স্থায়ী সমাধান হয়নি।
নিরাপেক্ষ নির্বাচনের
সংবাদে প্রকাশিত তথ্য অনুযায়ী বিভিন্ন এলাকায় সাধারণ মানুষের দুর্ভোগ চরমে পৌঁছেছে। কর্তৃপক্ষের উদাসীনতার কারণে সমস্যার সমাধান হচ্ছে না বলে অভিযোগ করেছেন স্থানীয়রা। তারা দ্রুত ব্যবস্থা গ্রহণের দাবি জানিয়েছেন। সংশ্লিষ্ট কর্মকর্তারা বলছেন, বিষয়টি খতিয়ে দেখা হচ্ছে এবং শিগগিরই প্রয়োজনীয় পদক্ষেপ নেওয়া হবে। এলাকাবাসী জানান, দীর্ঘদিন ধরে এই সমস্যা চলে আসছে কিন্তু কোনো স্থায়ী সমাধান হয়নি।
মাদক মেকে জাঁতে
সংবাদে প্রকাশিত তথ্য অনুযায়ী বিভিন্ন এলাকায় সাধারণ মানুষের দুর্ভোগ চরমে পৌঁছেছে। কর্তৃপক্ষের উদাসীনতার কারণে সমস্যার সমাধান হচ্ছে না বলে অভিযোগ করেছেন স্থানীয়রা। তারা দ্রুত ব্যবস্থা গ্রহণের দাবি জানিয়েছেন। সংশ্লিষ্ট কর্মকর্তারা বলছেন, বিষয়টি খতিয়ে দেখা হচ্ছে এবং শিগগিরই প্রয়োজনীয় পদক্ষেপ নেওয়া হবে। এলাকাবাসী জানান, দীর্ঘদিন ধরে এই সমস্যা চলে আসছে কিন্তু কোনো স্থায়ী সমাধান হয়নি।
সংবাদে প্রকাশিত তথ্য অনুযায়ী বিভিন্ন এলাকায় সাধারণ মানুষের দুর্ভোগ চরমে পৌঁছেছে। কর্তৃপক্ষের উদাসীনতার কারণে সমস্যার সমাধান হচ্ছে না বলে অভিযোগ করেছেন স্থানীয়রা। তারা দ্রুত ব্যবস্থা গ্রহণের দাবি জানিয়েছেন। সংশ্লিষ্ট কর্মকর্তারা বলছেন, বিষয়টি খতিয়ে দেখা হচ্ছে এবং শিগগিরই প্রয়োজনীয় পদক্ষেপ নেওয়া হবে। এলাকাবাসী জানান, দীর্ঘদিন ধরে এই সমস্যা চলে আসছে কিন্তু কোনো স্থায়ী সমাধান হয়নি।
নতুন রেকর্ড ডেঙ্গুতে
সংবাদে প্রকাশিত তথ্য অনুযায়ী বিভিন্ন এলাকায় সাধারণ মানুষের দুর্ভোগ চরমে পৌঁছেছে। কর্তৃপক্ষের উদাসীনতার কারণে সমস্যার সমাধান হচ্ছে না বলে অভিযোগ করেছেন স্থানীয়রা। তারা দ্রুত ব্যবস্থা গ্রহণের দাবি জানিয়েছেন। সংশ্লিষ্ট কর্মকর্তারা বলছেন, বিষয়টি খতিয়ে দেখা হচ্ছে এবং শিগগিরই প্রয়োজনীয় পদক্ষেপ নেওয়া হবে। এলাকাবাসী জানান, দীর্ঘদিন ধরে এই সমস্যা চলে আসছে কিন্তু কোনো স্থায়ী সমাধান হয়নি।
সংবাদে প্রকাশিত তথ্য অনুযায়ী বিভিন্ন এলাকায় সাধারণ মানুষের দুর্ভোগ চরমে পৌঁছেছে। কর্তৃপক্ষের উদাসীনতার কারণে সমস্যার সমাধান হচ্ছে না বলে অভিযোগ করেছেন স্থানীয়রা। তারা দ্রুত ব্যবস্থা গ্রহণের দাবি জানিয়েছেন। সংশ্লিষ্ট কর্মকর্তারা বলছেন, বিষয়টি খতিয়ে দেখা হচ্ছে এবং শিগগিরই প্রয়োজনীয় পদক্ষেপ নেওয়া হবে। এলাকাবাসী জানান, দীর্ঘদিন ধরে এই সমস্যা চলে আসছে কিন্তু কোনো স্থায়ী সমাধান হয়নি।
সংবাদে প্রকাশিত তথ্য অনুযায়ী বিভিন্ন এলাকায় সাধারণ মানুষের দুর্ভোগ চরমে পৌঁছেছে। কর্তৃপক্ষের উদাসীনতার কারণে সমস্যার সমাধান হচ্ছে না বলে অভিযোগ করেছেন স্থানীয়রা। তারা দ্রুত ব্যবস্থা গ্রহণের দাবি জানিয়েছেন। সংশ্লিষ্ট কর্মকর্তারা বলছেন, বিষয়টি খতিয়ে দেখা হচ্ছে এবং শিগগিরই প্রয়োজনীয় পদক্ষেপ নেওয়া হবে। এলাকাবাসী জানান, দীর্ঘদিন ধরে এই সমস্যা চলে আসছে কিন্তু কোনো স্থায়ী সমাধান হয়নি।
চট্টগ্রাম বিপুর
সংবাদে প্রকাশিত তথ্য অনুযায়ী বিভিন্ন এলাকায় সাধারণ মানুষের দুর্ভোগ চরমে পৌঁছেছে। কর্তৃপক্ষের উদাসীনতার কারণে সমস্যার সমাধান হচ্ছে না বলে অভিযোগ করেছেন স্থানীয়রা। তারা দ্রুত ব্যবস্থা গ্রহণের দাবি জানিয়েছেন। সংশ্লিষ্ট কর্মকর্তারা বলছেন, বিষয়টি খতিয়ে দেখা হচ্ছে এবং শিগগিরই প্রয়োজনীয় পদক্ষেপ নেওয়া হবে। এলাকাবাসী জানান, দীর্ঘদিন ধরে এই সমস্যা চলে আসছে কিন্তু কোনো স্থায়ী সমাধান হয়নি।
প্রত্যাসর লাগিতে
সংবাদে প্রকাশিত তথ্য অনুযায়ী বিভিন্ন এলাকায় সাধারণ মানুষের দুর্ভোগ চরমে পৌঁছেছে। কর্তৃপক্ষের উদাসীনতার কারণে সমস্যার সমাধান হচ্ছে না বলে অভিযোগ করেছেন স্থানীয়রা। তারা দ্রুত ব্যবস্থা গ্রহণের দাবি জানিয়েছেন। সংশ্লিষ্ট কর্মকর্তারা বলছেন, বিষয়টি খতিয়ে দেখা হচ্ছে এবং শিগগিরই প্রয়োজনীয় পদক্ষেপ নেওয়া হবে। এলাকাবাসী জানান, দীর্ঘদিন ধরে এই সমস্যা চলে আসছে কিন্তু কোনো স্থায়ী সমাধান হয়নি।
সংবাদে প্রকাশিত তথ্য অনুযায়ী বিভিন্ন এলাকায় সাধারণ মানুষের দুর্ভোগ চরমে পৌঁছেছে। কর্তৃপক্ষের উদাসীনতার কারণে সমস্যার সমাধান হচ্ছে না বলে অভিযোগ করেছেন স্থানীয়রা। তারা দ্রুত ব্যবস্থা গ্রহণের দাবি জানিয়েছেন। সংশ্লিষ্ট কর্মকর্তারা বলছেন, বিষয়টি খতিয়ে দেখা হচ্ছে এবং শিগগিরই প্রয়োজনীয় পদক্ষেপ নেওয়া হবে। এলাকাবাসী জানান, দীর্ঘদিন ধরে এই সমস্যা চলে আসছে কিন্তু কোনো স্থায়ী সমাধান হয়নি।
খুলনা উন্নয়ন কর্তৃপক্ষ
খুলনা।
মুজগুন্নি আবাসিক এলাকায় বিনোদন পার্ক স্থাপনের জন্য ইজারা বিজ্ঞপ্তির সময় বর্ধিতকরণ প্রসঙ্গে
টেন্ডার আহবানকারীগণের চাহিদা ও সুবিধার্থে বিনোদন পার্ক স্থাপনের জন্য খুলনা উন্নয়ন কর্তৃপক্ষ কর্তৃক প্রকাশিত ইজারা বিজ্ঞপ্তির দাখিলের শেষ তারিখ বর্ধিত করা হলো। অন্যান্য শর্তাবলী অপরিবর্তিত থাকবে। এ সংক্রান্ত অতিরিক্ত তথ্য জানার প্রয়োজন হলে অফিস চলাকালীন সময়ে নিম্নস্বাক্ষরকারীর সাথে যোগাযোগ করা যেতে পারে।
~~~
সিনিয়র নির্বাহী প্রকৌশলী
খুলনা উন্নয়ন কর্তৃপক্ষ
জি-২১০৩/২২ (৪×৩)	ফোন নং : ০৪১-৭৩০৬৩৮
